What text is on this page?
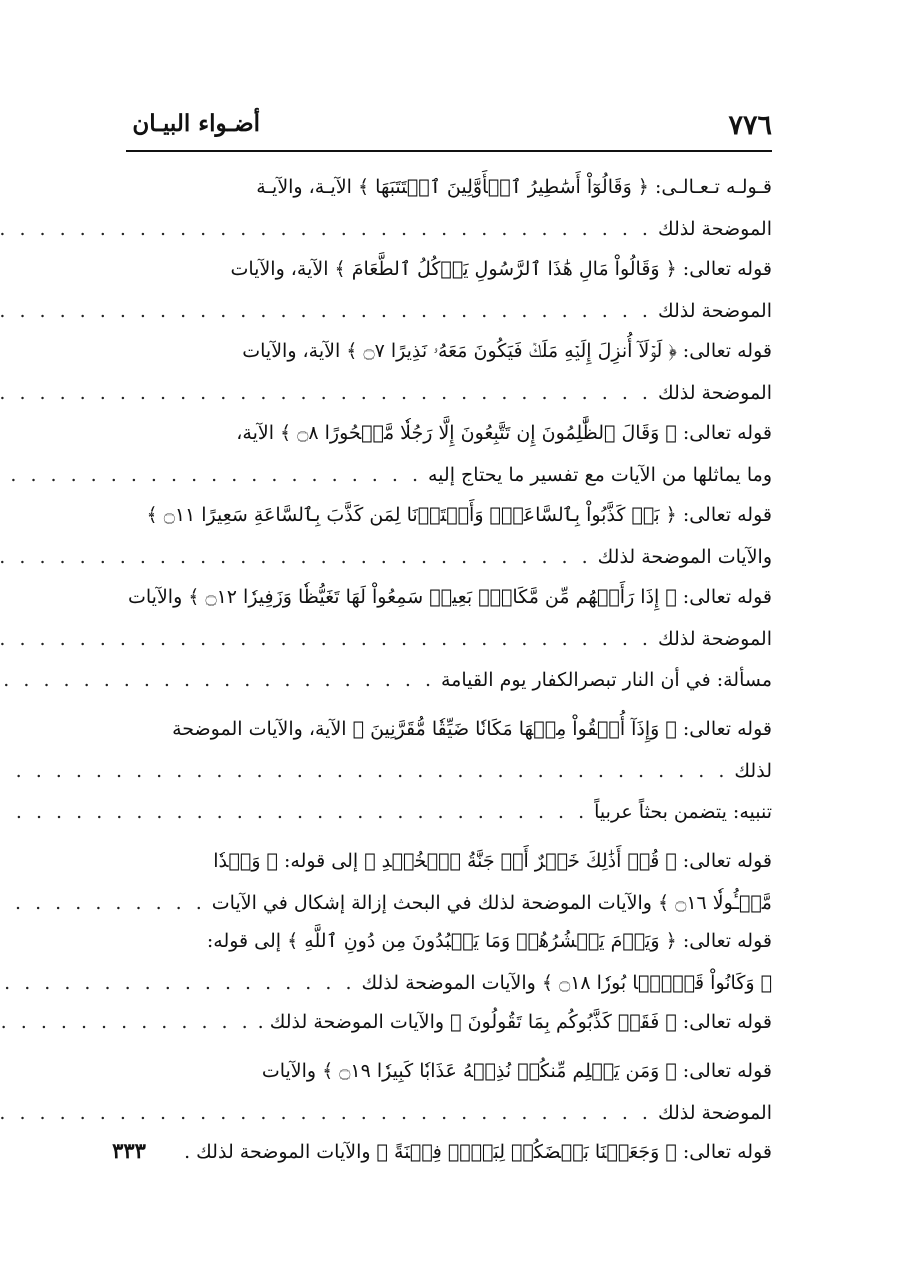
أضـواء البيـان	٧٧٦
قـولـه تـعـالـى: ﴿ وَقَالُوٓاْ أَسَٰطِيرُ ٱلۡأَوَّلِينَ ٱكۡتَتَبَهَا ﴾ الآيـة، والآيـة
الموضحة لذلك
. . .
قوله تعالى: ﴿ وَقَالُواْ مَالِ هَٰذَا ٱلرَّسُولِ يَأۡكُلُ ٱلطَّعَامَ ﴾ الآية، والآيات
الموضحة لذلك
. . .
قوله تعالى: ﴿ لَوۡلَآ أُنزِلَ إِلَيۡهِ مَلَكٞ فَيَكُونَ مَعَهُۥ نَذِيرًا ۝٧ ﴾ الآية، والآيات
الموضحة لذلك
. . .
قوله تعالى: ﴿ وَقَالَ ٱلظَّٰلِمُونَ إِن تَتَّبِعُونَ إِلَّا رَجُلٗا مَّسۡحُورًا ۝٨ ﴾ الآية،
وما يماثلها من الآيات مع تفسير ما يحتاج إليه
. . .
قوله تعالى: ﴿ بَلۡ كَذَّبُواْ بِٱلسَّاعَةِۖ وَأَعۡتَدۡنَا لِمَن كَذَّبَ بِٱلسَّاعَةِ سَعِيرًا ۝١١ ﴾
والآيات الموضحة لذلك
. . .
قوله تعالى: ﴿ إِذَا رَأَتۡهُم مِّن مَّكَانِۭ بَعِيدٖ سَمِعُواْ لَهَا تَغَيُّظٗا وَزَفِيرٗا ۝١٢ ﴾ والآيات
الموضحة لذلك
. . .
مسألة: في أن النار تبصرالكفار يوم القيامة
. . .
قوله تعالى: ﴿ وَإِذَآ أُلۡقُواْ مِنۡهَا مَكَانٗا ضَيِّقٗا مُّقَرَّنِينَ ﴾ الآية، والآيات الموضحة
لذلك
. . .
تنبيه: يتضمن بحثاً عربياً
. . .
قوله تعالى: ﴿ قُلۡ أَذَٰلِكَ خَيۡرٌ أَمۡ جَنَّةُ ٱلۡخُلۡدِ ﴾ إلى قوله: ﴿ وَعۡدٗا
مَّسۡـُٔولٗا ۝١٦ ﴾ والآيات الموضحة لذلك في البحث إزالة إشكال في الآيات
. . .
قوله تعالى: ﴿ وَيَوۡمَ يَحۡشُرُهُمۡ وَمَا يَعۡبُدُونَ مِن دُونِ ٱللَّهِ ﴾ إلى قوله:
﴿ وَكَانُواْ قَوۡمَۢا بُورٗا ۝١٨ ﴾ والآيات الموضحة لذلك
. . .
قوله تعالى: ﴿ فَقَدۡ كَذَّبُوكُم بِمَا تَقُولُونَ ﴾ والآيات الموضحة لذلك .
. . .
قوله تعالى: ﴿ وَمَن يَظۡلِم مِّنكُمۡ نُذِقۡهُ عَذَابٗا كَبِيرٗا ۝١٩ ﴾ والآيات
الموضحة لذلك
. . .
قوله تعالى: ﴿ وَجَعَلۡنَا بَعۡضَكُمۡ لِبَعۡضٖ فِتۡنَةً ﴾ والآيات الموضحة لذلك .
٣٣٣
